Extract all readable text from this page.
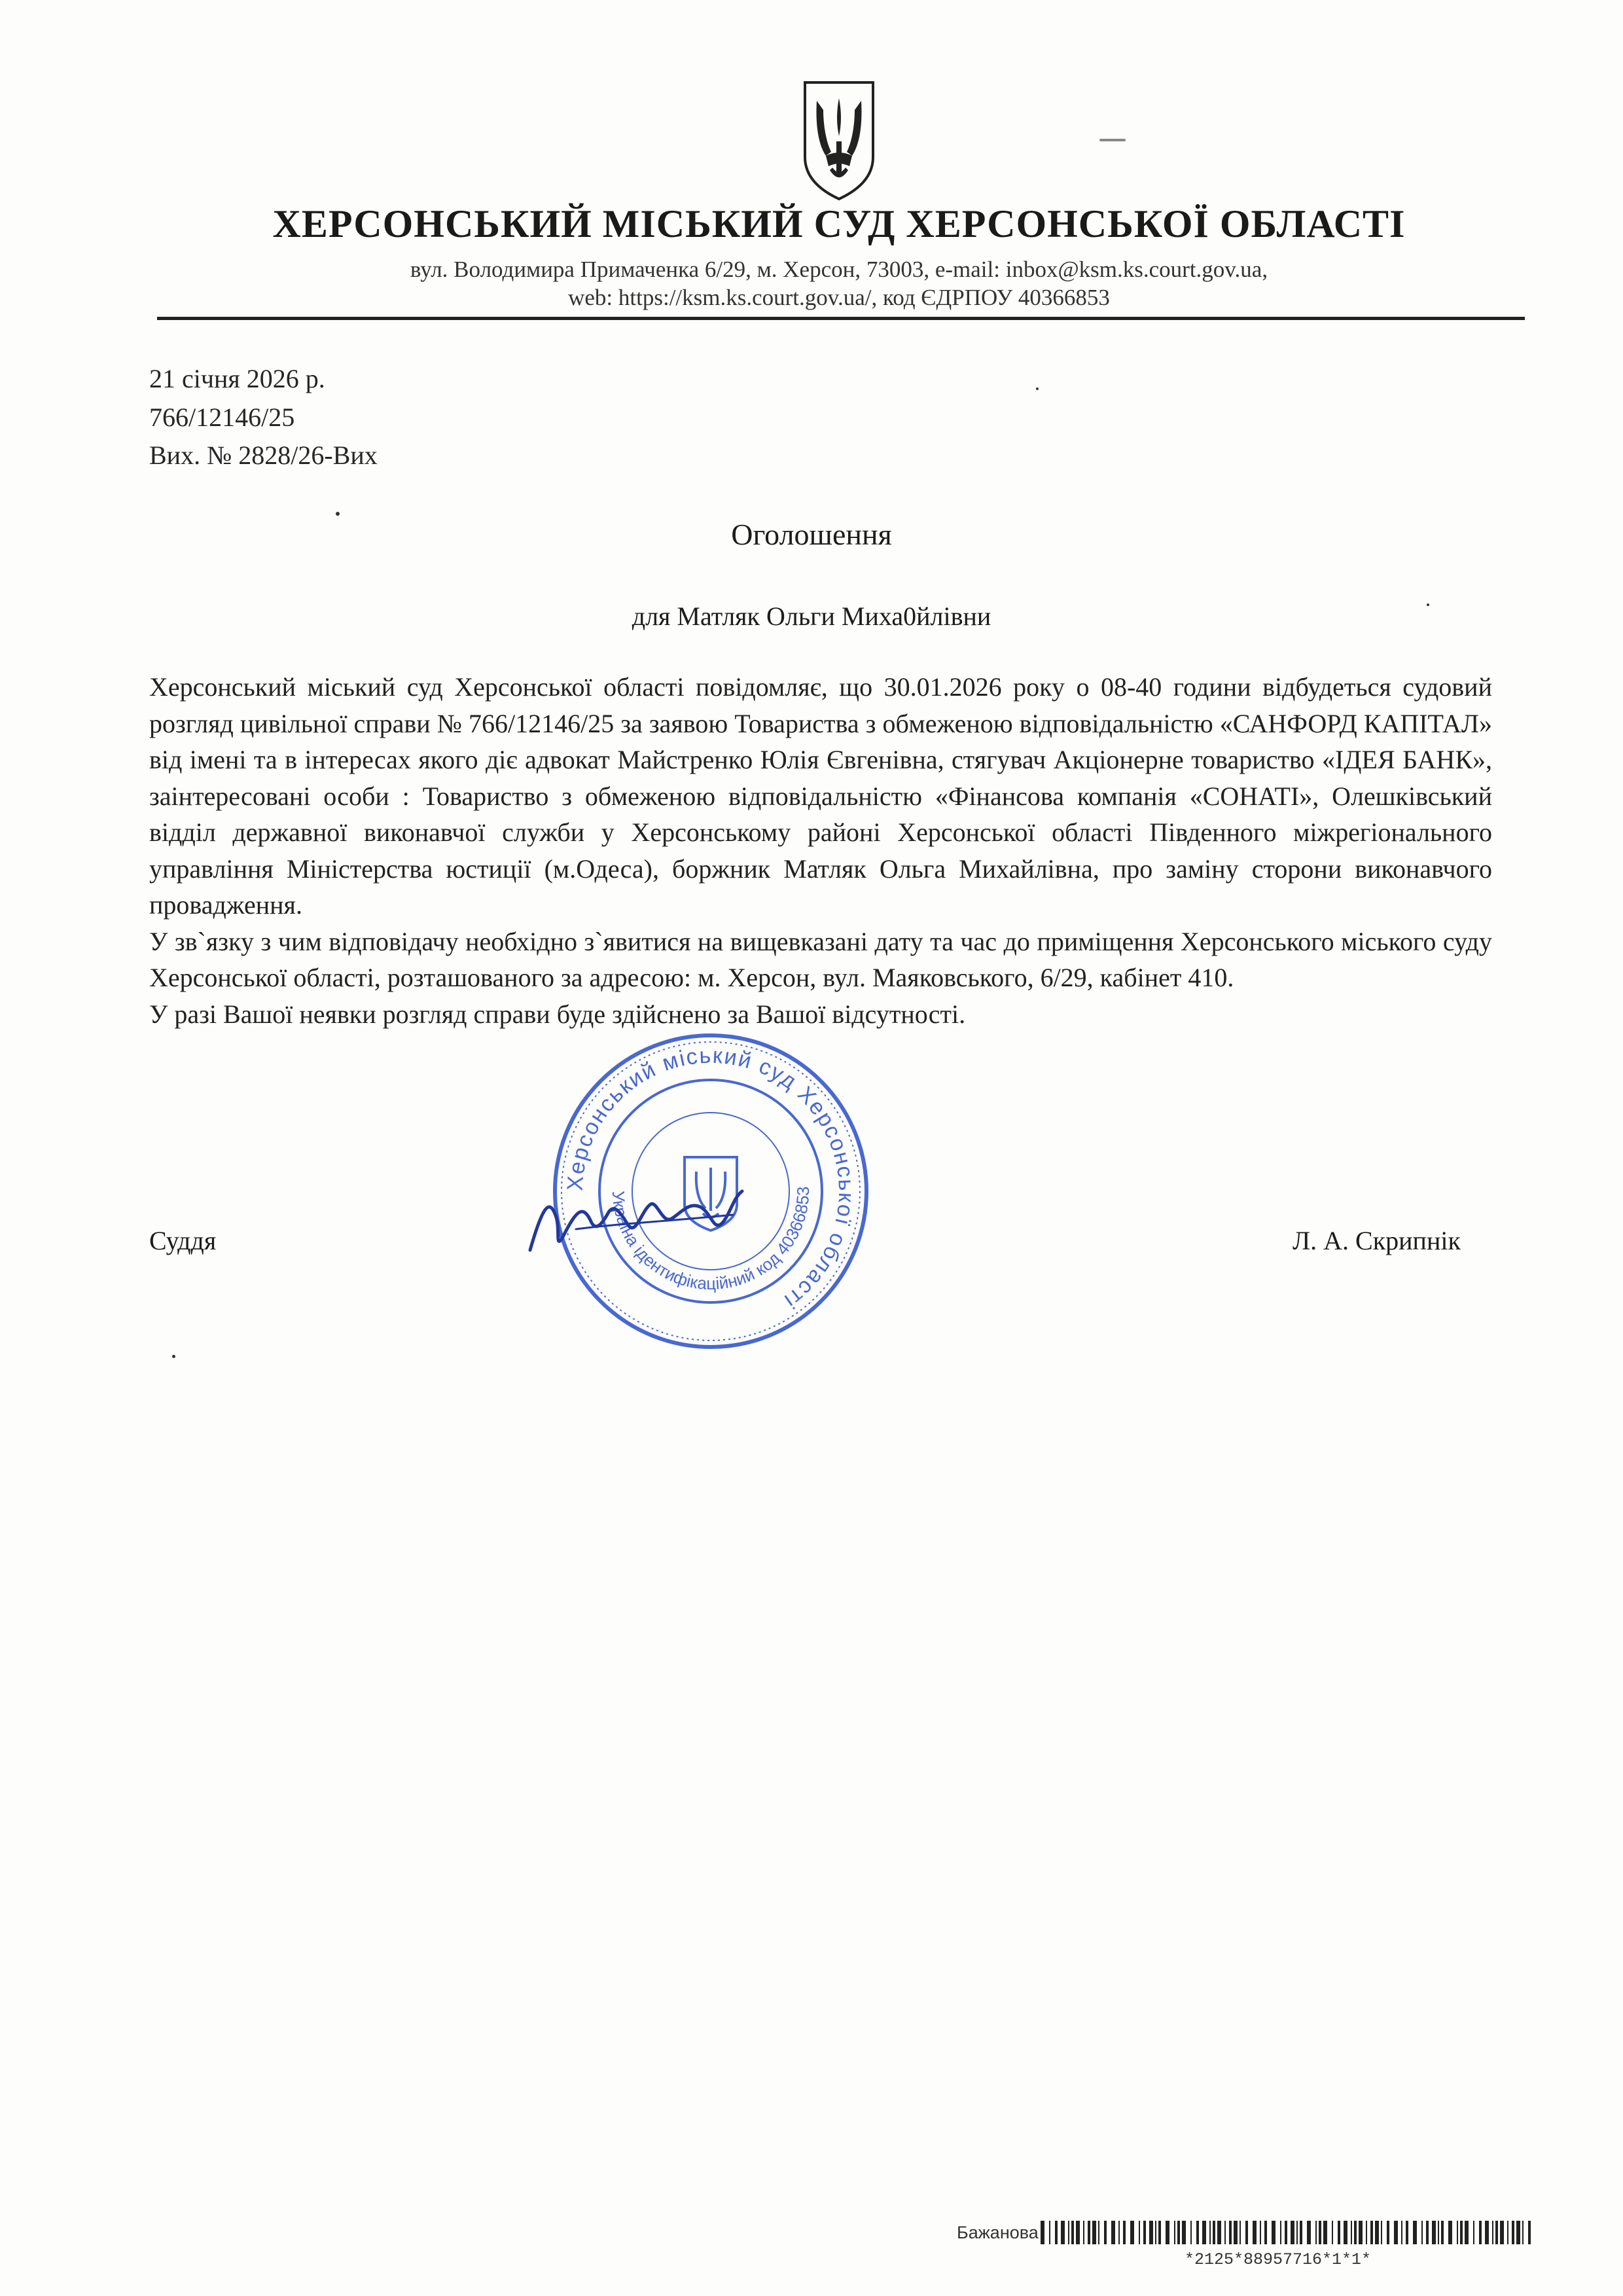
ХЕРСОНСЬКИЙ МІСЬКИЙ СУД ХЕРСОНСЬКОЇ ОБЛАСТІ
вул. Володимира Примаченка 6/29, м. Херсон, 73003, e-mail: inbox@ksm.ks.court.gov.ua,
web: https://ksm.ks.court.gov.ua/, код ЄДРПОУ 40366853
21 січня 2026 р.
766/12146/25
Вих. № 2828/26-Вих
Оголошення
для Матляк Ольги Миха0йлівни

Херсонський міський суд Херсонської області повідомляє, що 30.01.2026 року о 08-40 години відбудеться судовий розгляд цивільної справи № 766/12146/25 за заявою Товариства з обмеженою відповідальністю «САНФОРД КАПІТАЛ» від імені та в інтересах якого діє адвокат Майстренко Юлія Євгенівна, стягувач Акціонерне товариство «ІДЕЯ БАНК», заінтересовані особи : Товариство з обмеженою відповідальністю «Фінансова компанія «СОНАТІ», Олешківський відділ державної виконавчої служби у Херсонському районі Херсонської області Південного міжрегіонального управління Міністерства юстиції (м.Одеса), боржник Матляк Ольга Михайлівна, про заміну сторони виконавчого провадження.

У зв`язку з чим відповідачу необхідно з`явитися на вищевказані дату та час до приміщення Херсонського міського суду Херсонської області, розташованого за адресою: м. Херсон, вул. Маяковського, 6/29, кабінет 410.

У разі Вашої неявки розгляд справи буде здійснено за Вашої відсутності.

Суддя	Л. А. Скрипнік
Херсонський міський суд Херсонської області
Україна ідентифікаційний код 40366853
Бажанова
*2125*88957716*1*1*
